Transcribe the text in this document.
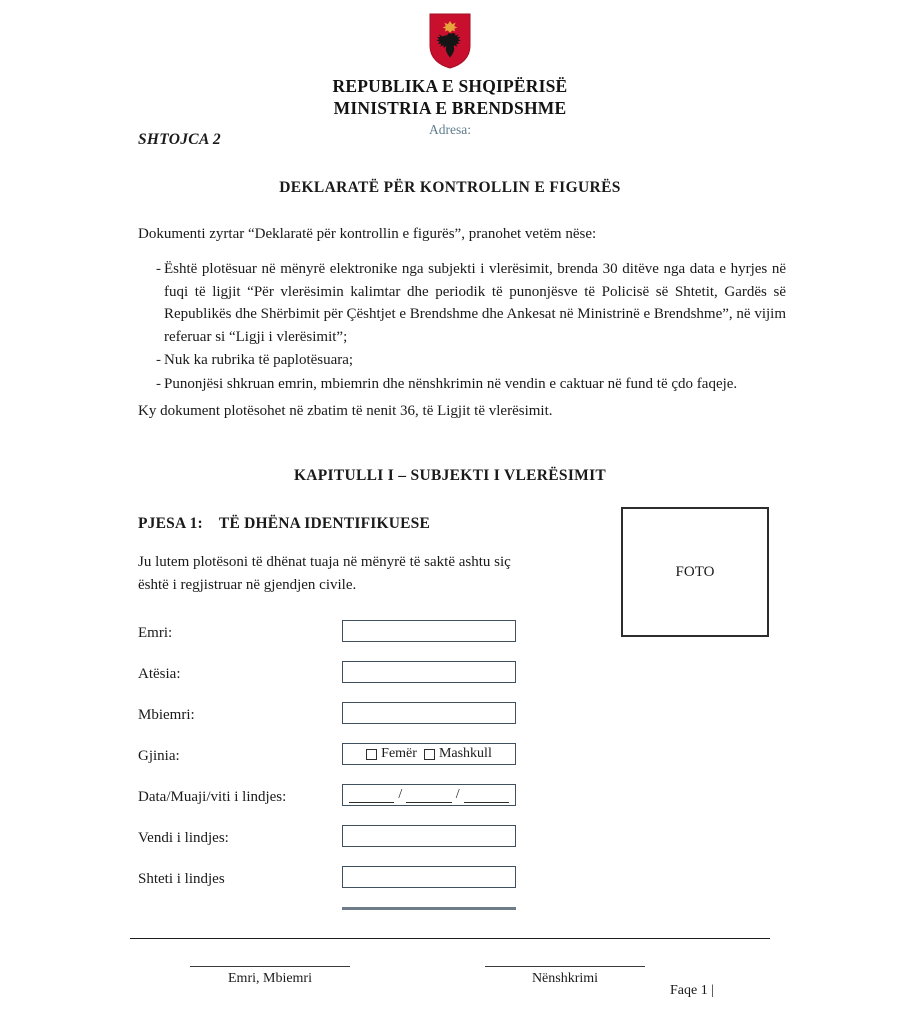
REPUBLIKA E SHQIPËRISË
MINISTRIA E BRENDSHME
Adresa:
SHTOJCA 2
DEKLARATË PËR KONTROLLIN E FIGURËS
Dokumenti zyrtar “Deklaratë për kontrollin e figurës”, pranohet vetëm nëse:
- Është plotësuar në mënyrë elektronike nga subjekti i vlerësimit, brenda 30 ditëve nga data e hyrjes në fuqi të ligjit “Për vlerësimin kalimtar dhe periodik të punonjësve të Policisë së Shtetit, Gardës së Republikës dhe Shërbimit për Çështjet e Brendshme dhe Ankesat në Ministrinë e Brendshme”, në vijim referuar si “Ligji i vlerësimit”;
- Nuk ka rubrika të paplotësuara;
- Punonjësi shkruan emrin, mbiemrin dhe nënshkrimin në vendin e caktuar në fund të çdo faqeje.
Ky dokument plotësohet në zbatim të nenit 36, të Ligjit të vlerësimit.
KAPITULLI I – SUBJEKTI I VLERËSIMIT
PJESA 1:    TË DHËNA IDENTIFIKUESE
Ju lutem plotësoni të dhënat tuaja në mënyrë të saktë ashtu siç është i regjistruar në gjendjen civile.
FOTO
Emri:
Atësia:
Mbiemri:
Gjinia:	Femër Mashkull
Data/Muaji/viti i lindjes:	/	/
Vendi i lindjes:
Shteti i lindjes
Emri, Mbiemri	Nënshkrimi
Faqe 1 |
